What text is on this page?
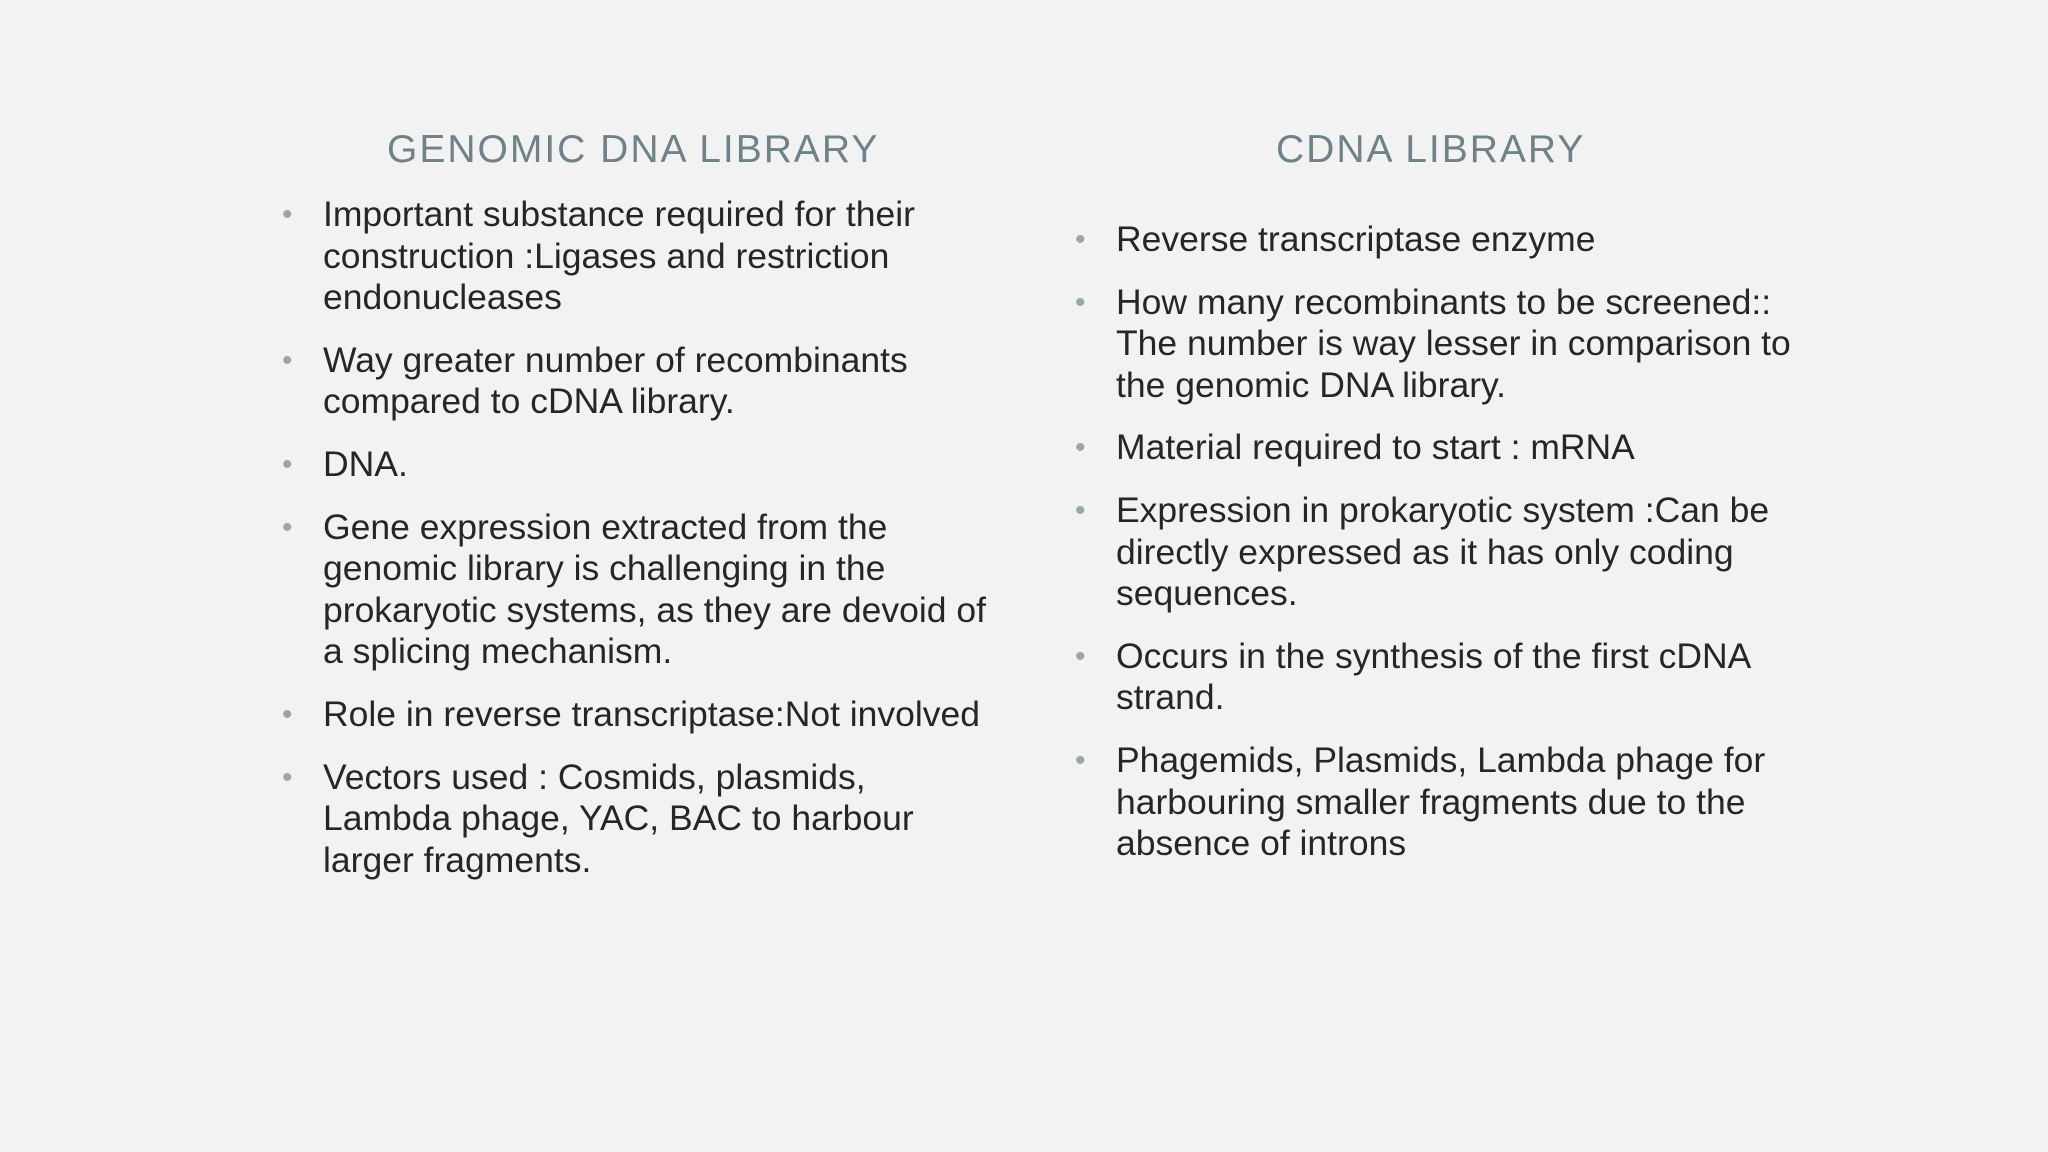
GENOMIC DNA LIBRARY
• Important substance required for their construction :Ligases and restriction endonucleases
• Way greater number of recombinants compared to cDNA library.
• DNA.
• Gene expression extracted from the genomic library is challenging in the prokaryotic systems, as they are devoid of a splicing mechanism.
• Role in reverse transcriptase:Not involved
• Vectors used : Cosmids, plasmids, Lambda phage, YAC, BAC to harbour larger fragments.
CDNA LIBRARY
• Reverse transcriptase enzyme
• How many recombinants to be screened:: The number is way lesser in comparison to the genomic DNA library.
• Material required to start : mRNA
• Expression in prokaryotic system :Can be directly expressed as it has only coding sequences.
• Occurs in the synthesis of the first cDNA strand.
• Phagemids, Plasmids, Lambda phage for harbouring smaller fragments due to the absence of introns
